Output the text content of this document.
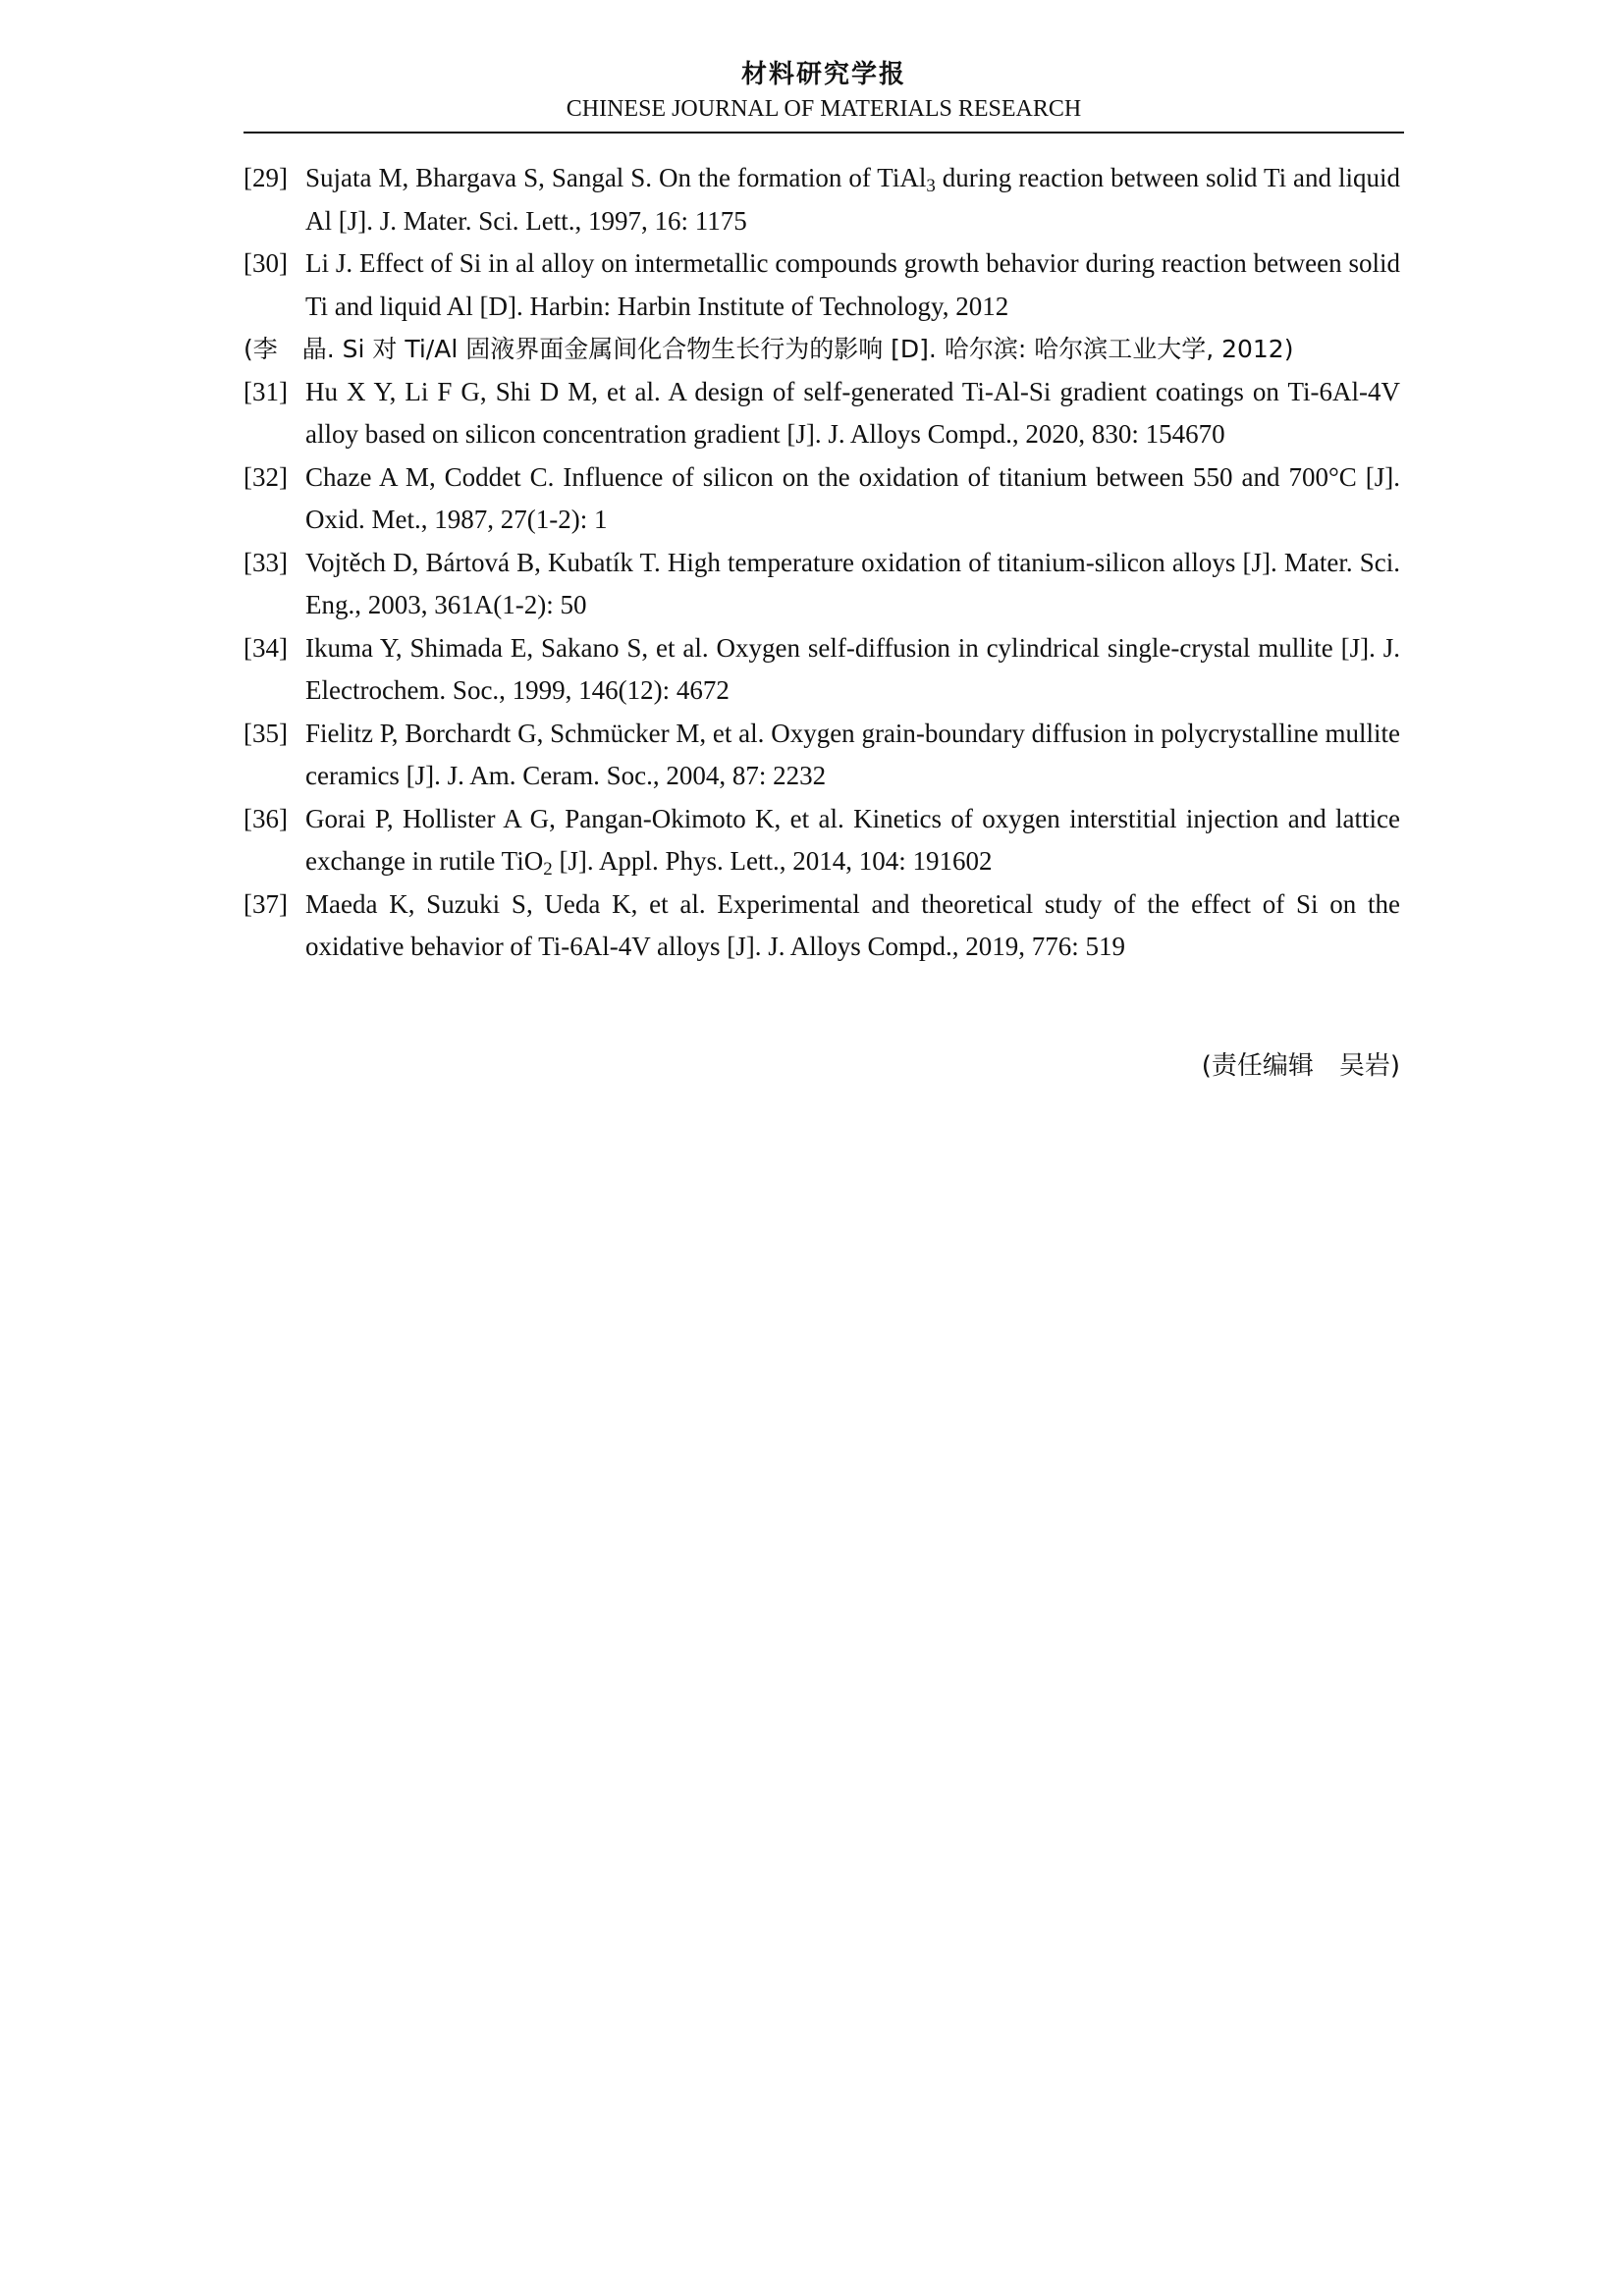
材料研究学报
CHINESE JOURNAL OF MATERIALS RESEARCH
[29] Sujata M, Bhargava S, Sangal S. On the formation of TiAl$_3$ during reaction between solid Ti and liquid Al [J]. J. Mater. Sci. Lett., 1997, 16: 1175
[30] Li J. Effect of Si in al alloy on intermetallic compounds growth behavior during reaction between solid Ti and liquid Al [D]. Harbin: Harbin Institute of Technology, 2012
(李　晶. Si 对 Ti/Al 固液界面金属间化合物生长行为的影响 [D]. 哈尔滨: 哈尔滨工业大学, 2012)
[31] Hu X Y, Li F G, Shi D M, et al. A design of self-generated Ti-Al-Si gradient coatings on Ti-6Al-4V alloy based on silicon concentration gradient [J]. J. Alloys Compd., 2020, 830: 154670
[32] Chaze A M, Coddet C. Influence of silicon on the oxidation of titanium between 550 and 700°C [J]. Oxid. Met., 1987, 27(1-2): 1
[33] Vojtěch D, Bártová B, Kubatík T. High temperature oxidation of titanium-silicon alloys [J]. Mater. Sci. Eng., 2003, 361A(1-2): 50
[34] Ikuma Y, Shimada E, Sakano S, et al. Oxygen self-diffusion in cylindrical single-crystal mullite [J]. J. Electrochem. Soc., 1999, 146(12): 4672
[35] Fielitz P, Borchardt G, Schmücker M, et al. Oxygen grain-boundary diffusion in polycrystalline mullite ceramics [J]. J. Am. Ceram. Soc., 2004, 87: 2232
[36] Gorai P, Hollister A G, Pangan-Okimoto K, et al. Kinetics of oxygen interstitial injection and lattice exchange in rutile TiO$_2$ [J]. Appl. Phys. Lett., 2014, 104: 191602
[37] Maeda K, Suzuki S, Ueda K, et al. Experimental and theoretical study of the effect of Si on the oxidative behavior of Ti-6Al-4V alloys [J]. J. Alloys Compd., 2019, 776: 519
(责任编辑　吴岩)
